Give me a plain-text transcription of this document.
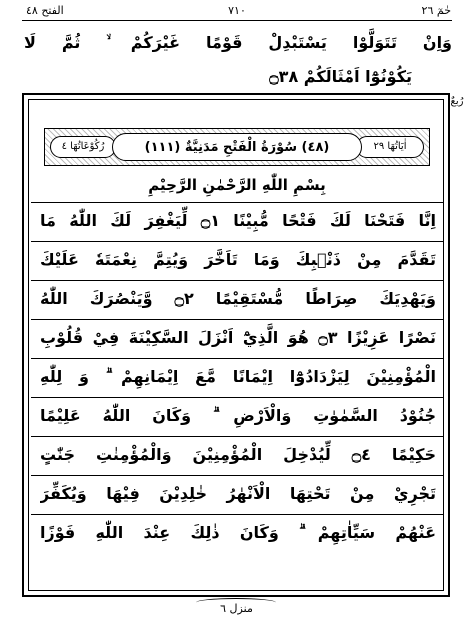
حٰمٓ ٢٦
٧١٠
الفتح ٤٨
وَاِنْ تَتَوَلَّوْا يَسْتَبْدِلْ قَوْمًا غَيْرَكُمْ ۙ ثُمَّ لَا
يَكُوْنُوْٓا اَمْثَالَكُمْ ۝٣٨
رُبعٌ
اٰيَاتُهَا ٢٩
رُكُوْعَاتُهَا ٤	(٤٨) سُوْرَةُ الْفَتْحِ مَدَنِيَّةٌ (١١١)
بِسْمِ اللّٰهِ الرَّحْمٰنِ الرَّحِيْمِ
اِنَّا فَتَحْنَا لَكَ فَتْحًا مُّبِيْنًا ۝١ لِّيَغْفِرَ لَكَ اللّٰهُ مَا
تَقَدَّمَ مِنْ ذَنْۢبِكَ وَمَا تَاَخَّرَ وَيُتِمَّ نِعْمَتَهٗ عَلَيْكَ
وَيَهْدِيَكَ صِرَاطًا مُّسْتَقِيْمًا ۝٢ وَّيَنْصُرَكَ اللّٰهُ
نَصْرًا عَزِيْزًا ۝٣ هُوَ الَّذِيْٓ اَنْزَلَ السَّكِيْنَةَ فِيْ قُلُوْبِ
الْمُؤْمِنِيْنَ لِيَزْدَادُوْٓا اِيْمَانًا مَّعَ اِيْمَانِهِمْ ۗ وَ لِلّٰهِ
جُنُوْدُ السَّمٰوٰتِ وَالْاَرْضِ ۗ وَكَانَ اللّٰهُ عَلِيْمًا
حَكِيْمًا ۝٤ لِّيُدْخِلَ الْمُؤْمِنِيْنَ وَالْمُؤْمِنٰتِ جَنّٰتٍ
تَجْرِيْ مِنْ تَحْتِهَا الْاَنْهٰرُ خٰلِدِيْنَ فِيْهَا وَيُكَفِّرَ
عَنْهُمْ سَيِّاٰتِهِمْ ۗ وَكَانَ ذٰلِكَ عِنْدَ اللّٰهِ فَوْزًا
منزل ٦
